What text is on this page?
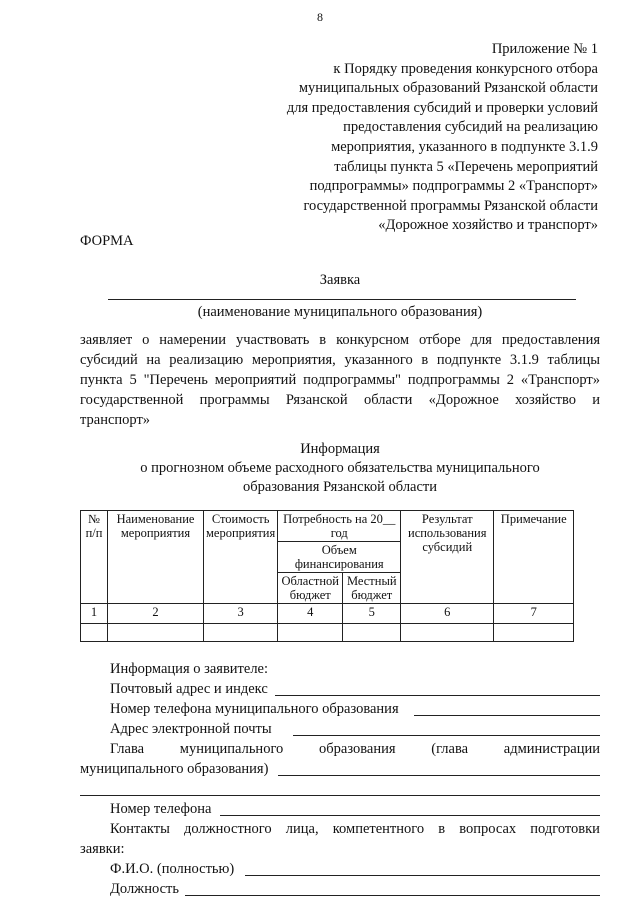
8
Приложение № 1
к Порядку проведения конкурсного отбора
муниципальных образований Рязанской области
для предоставления субсидий и проверки условий
предоставления субсидий на реализацию
мероприятия, указанного в подпункте 3.1.9
таблицы пункта 5 «Перечень мероприятий
подпрограммы» подпрограммы 2 «Транспорт»
государственной программы Рязанской области
«Дорожное хозяйство и транспорт»
ФОРМА
Заявка
(наименование муниципального образования)
заявляет о намерении участвовать в конкурсном отборе для предоставления
субсидий на реализацию мероприятия, указанного в подпункте 3.1.9 таблицы
пункта 5 "Перечень мероприятий подпрограммы" подпрограммы 2 «Транспорт»
государственной программы Рязанской области «Дорожное хозяйство и
транспорт»
Информация
о прогнозном объеме расходного обязательства муниципального
образования Рязанской области
№ п/п	Наименование мероприятия	Стоимость мероприятия	Потребность на 20__ год		Результат использования субсидий	Примечание
			Объем финансирования			
			Областной бюджет	Местный бюджет		
1	2	3	4	5	6	7

Информация о заявителе:
Почтовый адрес и индекс
Номер телефона муниципального образования
Адрес электронной почты
Глава муниципального образования (глава администрации
муниципального образования)
Номер телефона
Контакты должностного лица, компетентного в вопросах подготовки
заявки:
Ф.И.О. (полностью)
Должность
